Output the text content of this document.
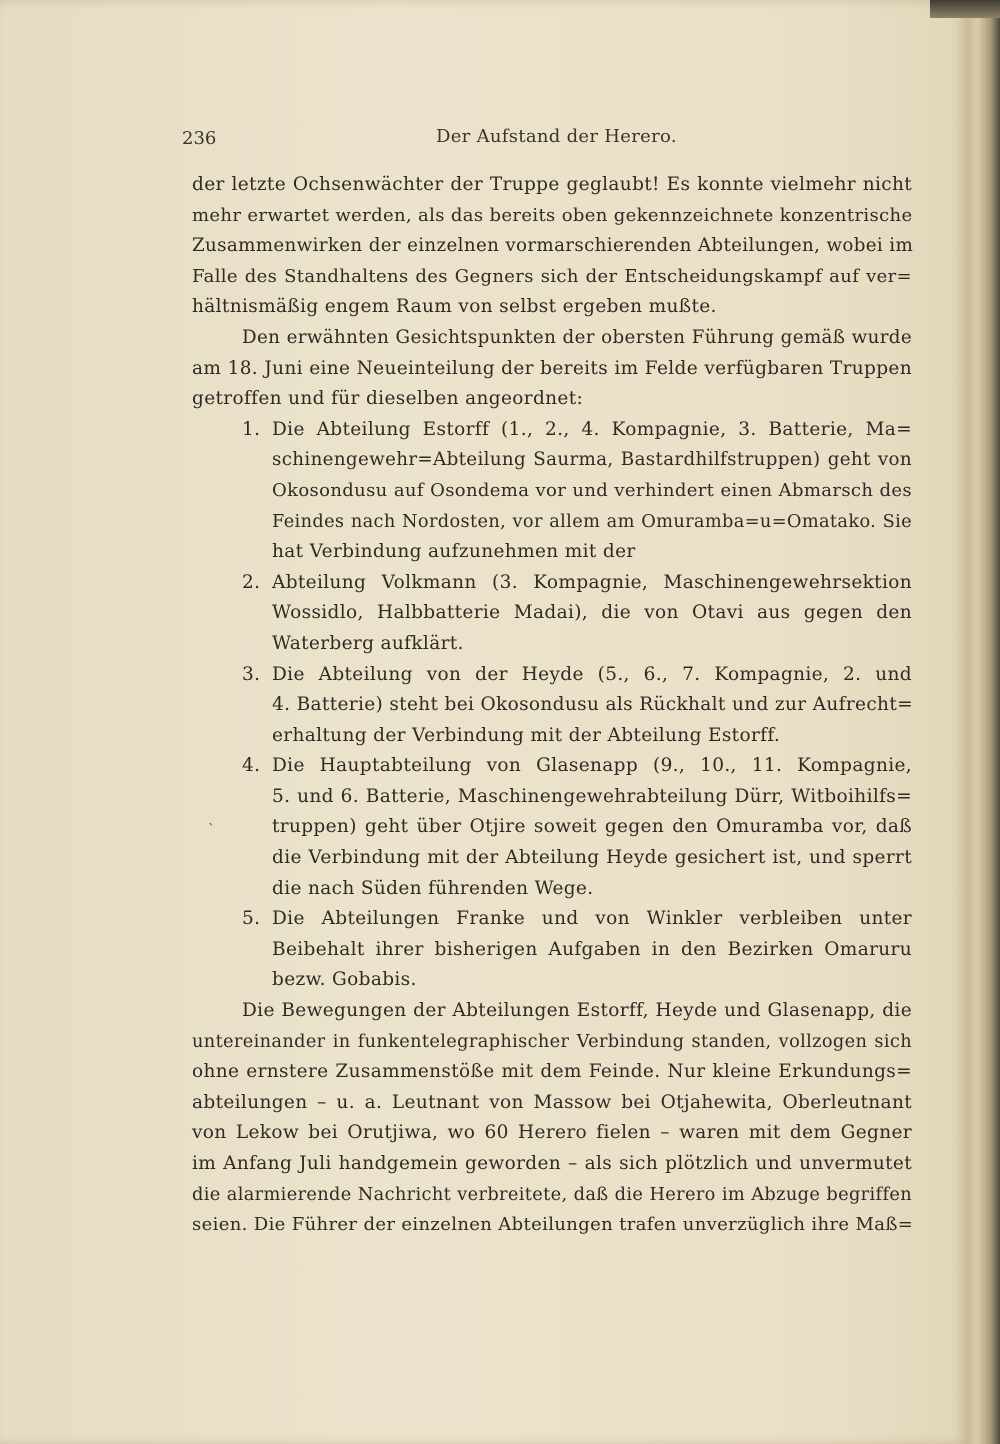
236	Der Aufstand der Herero.
`
der letzte Ochsenwächter der Truppe geglaubt! Es konnte vielmehr nicht
mehr erwartet werden, als das bereits oben gekennzeichnete konzentrische
Zusammenwirken der einzelnen vormarschierenden Abteilungen, wobei im
Falle des Standhaltens des Gegners sich der Entscheidungskampf auf ver=
hältnismäßig engem Raum von selbst ergeben mußte.
Den erwähnten Gesichtspunkten der obersten Führung gemäß wurde
am 18. Juni eine Neueinteilung der bereits im Felde verfügbaren Truppen
getroffen und für dieselben angeordnet:
1. Die Abteilung Estorff (1., 2., 4. Kompagnie, 3. Batterie, Ma=
schinengewehr=Abteilung Saurma, Bastardhilfstruppen) geht von
Okosondusu auf Osondema vor und verhindert einen Abmarsch des
Feindes nach Nordosten, vor allem am Omuramba=u=Omatako. Sie
hat Verbindung aufzunehmen mit der
2. Abteilung Volkmann (3. Kompagnie, Maschinengewehrsektion
Wossidlo, Halbbatterie Madai), die von Otavi aus gegen den
Waterberg aufklärt.
3. Die Abteilung von der Heyde (5., 6., 7. Kompagnie, 2. und
4. Batterie) steht bei Okosondusu als Rückhalt und zur Aufrecht=
erhaltung der Verbindung mit der Abteilung Estorff.
4. Die Hauptabteilung von Glasenapp (9., 10., 11. Kompagnie,
5. und 6. Batterie, Maschinengewehrabteilung Dürr, Witboihilfs=
truppen) geht über Otjire soweit gegen den Omuramba vor, daß
die Verbindung mit der Abteilung Heyde gesichert ist, und sperrt
die nach Süden führenden Wege.
5. Die Abteilungen Franke und von Winkler verbleiben unter
Beibehalt ihrer bisherigen Aufgaben in den Bezirken Omaruru
bezw. Gobabis.
Die Bewegungen der Abteilungen Estorff, Heyde und Glasenapp, die
untereinander in funkentelegraphischer Verbindung standen, vollzogen sich
ohne ernstere Zusammenstöße mit dem Feinde. Nur kleine Erkundungs=
abteilungen – u. a. Leutnant von Massow bei Otjahewita, Oberleutnant
von Lekow bei Orutjiwa, wo 60 Herero fielen – waren mit dem Gegner
im Anfang Juli handgemein geworden – als sich plötzlich und unvermutet
die alarmierende Nachricht verbreitete, daß die Herero im Abzuge begriffen
seien. Die Führer der einzelnen Abteilungen trafen unverzüglich ihre Maß=
